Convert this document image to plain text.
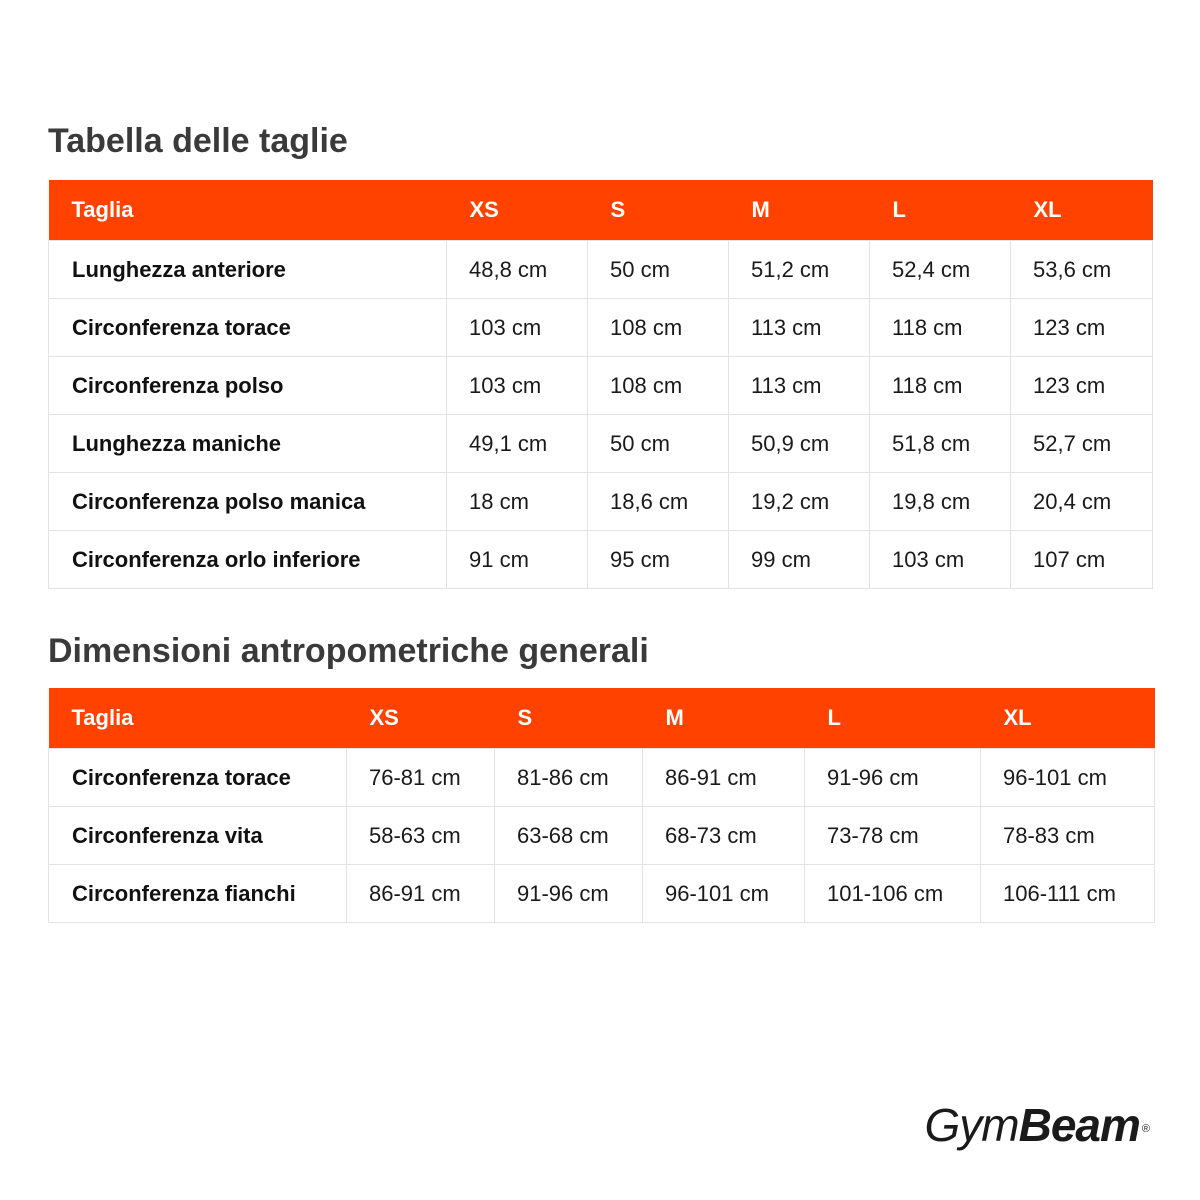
Tabella delle taglie
Taglia	XS	S	M	L	XL
Lunghezza anteriore	48,8 cm	50 cm	51,2 cm	52,4 cm	53,6 cm
Circonferenza torace	103 cm	108 cm	113 cm	118 cm	123 cm
Circonferenza polso	103 cm	108 cm	113 cm	118 cm	123 cm
Lunghezza maniche	49,1 cm	50 cm	50,9 cm	51,8 cm	52,7 cm
Circonferenza polso manica	18 cm	18,6 cm	19,2 cm	19,8 cm	20,4 cm
Circonferenza orlo inferiore	91 cm	95 cm	99 cm	103 cm	107 cm
Dimensioni antropometriche generali
Taglia	XS	S	M	L	XL
Circonferenza torace	76-81 cm	81-86 cm	86-91 cm	91-96 cm	96-101 cm
Circonferenza vita	58-63 cm	63-68 cm	68-73 cm	73-78 cm	78-83 cm
Circonferenza fianchi	86-91 cm	91-96 cm	96-101 cm	101-106 cm	106-111 cm
GymBeam ®
